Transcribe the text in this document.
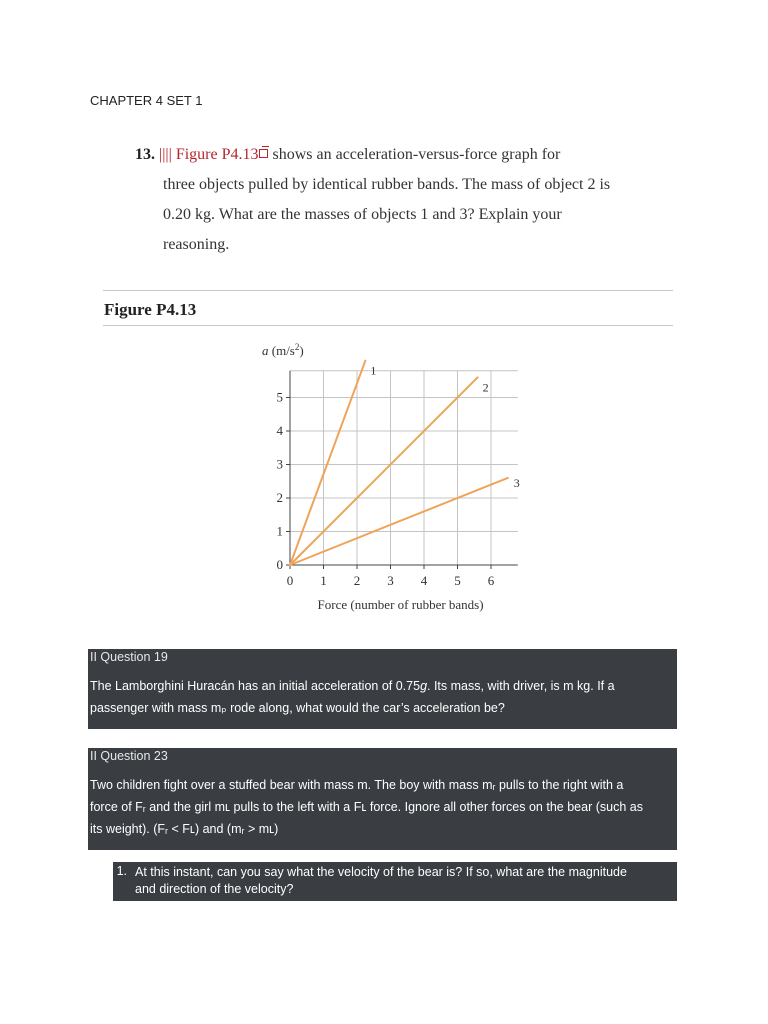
CHAPTER 4 SET 1
13. |||| Figure P4.13 shows an acceleration-versus-force graph for
three objects pulled by identical rubber bands. The mass of object 2 is
0.20 kg. What are the masses of objects 1 and 3? Explain your
reasoning.
Figure P4.13
0 1 2 3 4 5 6
0
1
2
3
4
5
1
2
3
a $(m/s^2)$
Force (number of rubber bands)
II Question 19
The Lamborghini Huracán has an initial acceleration of 0.75g. Its mass, with driver, is m kg. If a
passenger with mass mₚ rode along, what would the car’s acceleration be?
II Question 23
Two children fight over a stuffed bear with mass m. The boy with mass mᵣ pulls to the right with a
force of Fᵣ and the girl mʟ pulls to the left with a Fʟ force. Ignore all other forces on the bear (such as
its weight). (Fᵣ < Fʟ) and (mᵣ > mʟ)
1. At this instant, can you say what the velocity of the bear is? If so, what are the magnitude
and direction of the velocity?
